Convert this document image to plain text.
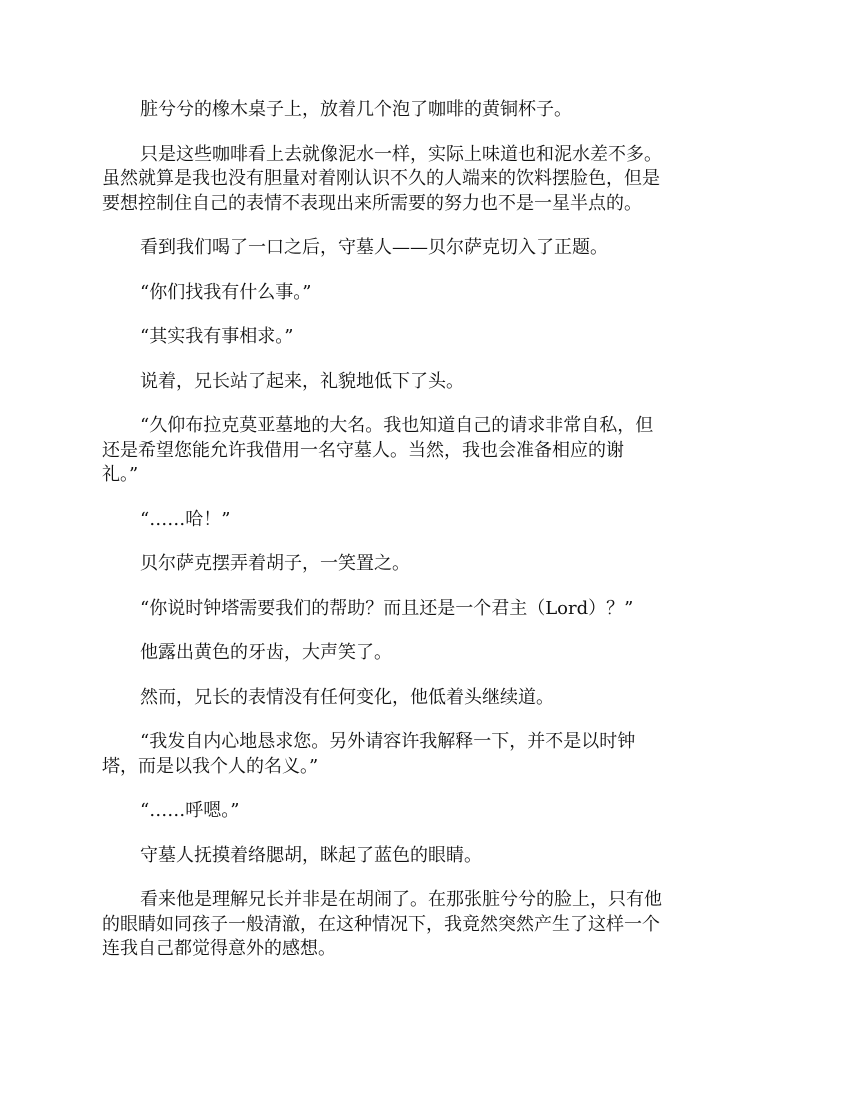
脏兮兮的橡木桌子上，放着几个泡了咖啡的黄铜杯子。

只是这些咖啡看上去就像泥水一样，实际上味道也和泥水差不多。
虽然就算是我也没有胆量对着刚认识不久的人端来的饮料摆脸色，但是
要想控制住自己的表情不表现出来所需要的努力也不是一星半点的。

看到我们喝了一口之后，守墓人——贝尔萨克切入了正题。

“你们找我有什么事。”

“其实我有事相求。”

说着，兄长站了起来，礼貌地低下了头。

“久仰布拉克莫亚墓地的大名。我也知道自己的请求非常自私，但
还是希望您能允许我借用一名守墓人。当然，我也会准备相应的谢
礼。”

“……哈！”

贝尔萨克摆弄着胡子，一笑置之。

“你说时钟塔需要我们的帮助？而且还是一个君主（Lord）？”

他露出黄色的牙齿，大声笑了。

然而，兄长的表情没有任何变化，他低着头继续道。

“我发自内心地恳求您。另外请容许我解释一下，并不是以时钟
塔，而是以我个人的名义。”

“……呼嗯。”

守墓人抚摸着络腮胡，眯起了蓝色的眼睛。

看来他是理解兄长并非是在胡闹了。在那张脏兮兮的脸上，只有他
的眼睛如同孩子一般清澈，在这种情况下，我竟然突然产生了这样一个
连我自己都觉得意外的感想。
